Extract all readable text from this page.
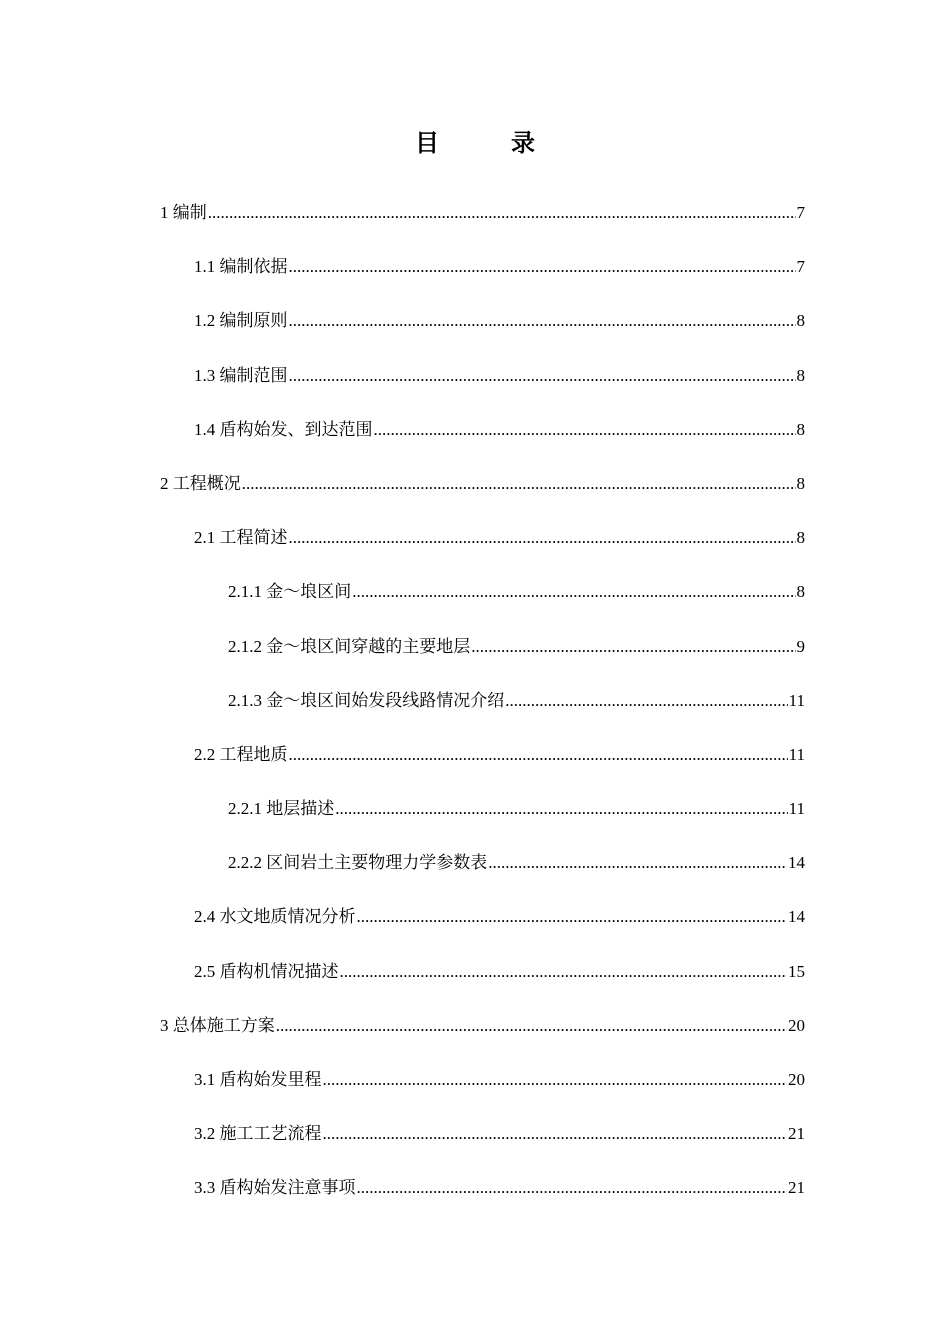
目　录
1 编制 .....	7
1.1 编制依据 .....	7
1.2 编制原则 .....	8
1.3 编制范围 .....	8
1.4 盾构始发、到达范围 .....	8
2 工程概况 .....	8
2.1 工程简述 .....	8
2.1.1 金～埌区间 .....	8
2.1.2 金～埌区间穿越的主要地层 .....	9
2.1.3 金～埌区间始发段线路情况介绍 .....	11
2.2 工程地质 .....	11
2.2.1 地层描述 .....	11
2.2.2 区间岩土主要物理力学参数表 .....	14
2.4 水文地质情况分析 .....	14
2.5 盾构机情况描述 .....	15
3 总体施工方案 .....	20
3.1 盾构始发里程 .....	20
3.2 施工工艺流程 .....	21
3.3 盾构始发注意事项 .....	21
